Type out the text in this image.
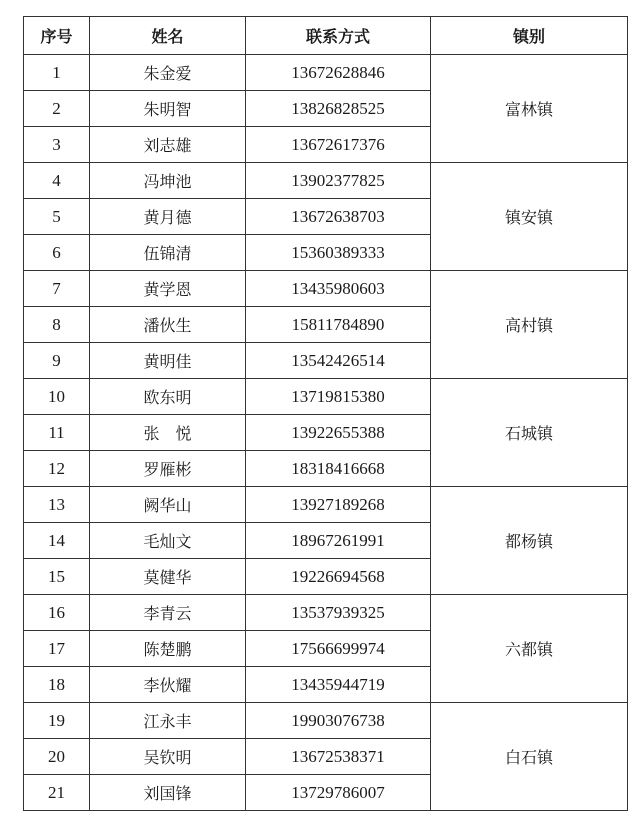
序号	姓名	联系方式	镇别
1	朱金爱	13672628846	富林镇
2	朱明智	13826828525	
3	刘志雄	13672617376	
4	冯坤池	13902377825	镇安镇
5	黄月德	13672638703	
6	伍锦清	15360389333	
7	黄学恩	13435980603	高村镇
8	潘伙生	15811784890	
9	黄明佳	13542426514	
10	欧东明	13719815380	石城镇
11	张　悦	13922655388	
12	罗雁彬	18318416668	
13	阙华山	13927189268	都杨镇
14	毛灿文	18967261991	
15	莫健华	19226694568	
16	李青云	13537939325	六都镇
17	陈楚鹏	17566699974	
18	李伙耀	13435944719	
19	江永丰	19903076738	白石镇
20	吴钦明	13672538371	
21	刘国锋	13729786007	
